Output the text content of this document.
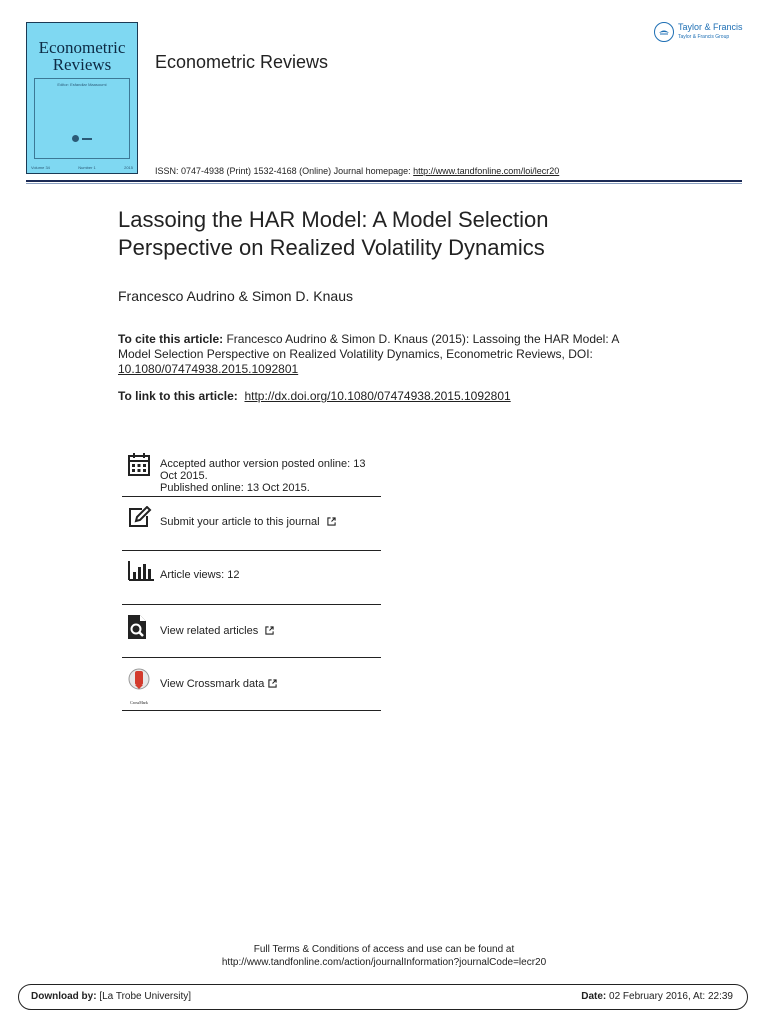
Econometric
Reviews
Editor: Esfandiar Maasoumi
Volume 34	Number 1	2015
Econometric Reviews
Taylor & Francis
Taylor & Francis Group
ISSN: 0747-4938 (Print) 1532-4168 (Online) Journal homepage: http://www.tandfonline.com/loi/lecr20
Lassoing the HAR Model: A Model Selection
Perspective on Realized Volatility Dynamics
Francesco Audrino & Simon D. Knaus
To cite this article: Francesco Audrino & Simon D. Knaus (2015): Lassoing the HAR Model: A Model Selection Perspective on Realized Volatility Dynamics, Econometric Reviews, DOI: 10.1080/07474938.2015.1092801
To link to this article: http://dx.doi.org/10.1080/07474938.2015.1092801
Accepted author version posted online: 13
Oct 2015.
Published online: 13 Oct 2015.
Submit your article to this journal
Article views: 12
View related articles
CrossMark
View Crossmark data
Full Terms & Conditions of access and use can be found at
http://www.tandfonline.com/action/journalInformation?journalCode=lecr20
Download by: [La Trobe University]	Date: 02 February 2016, At: 22:39
